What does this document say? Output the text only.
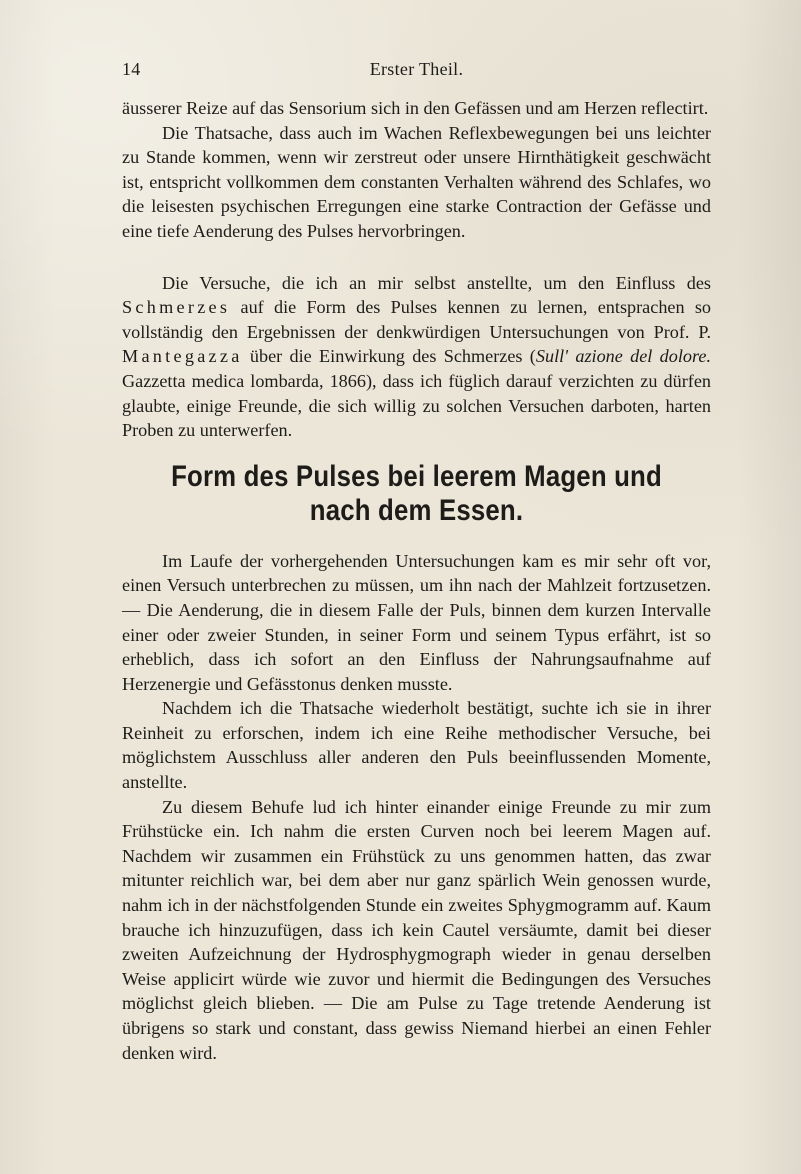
14	Erster Theil.

äusserer Reize auf das Sensorium sich in den Gefässen und am Herzen reflectirt.

Die Thatsache, dass auch im Wachen Reflexbewegungen bei uns leichter zu Stande kommen, wenn wir zerstreut oder unsere Hirnthätigkeit geschwächt ist, entspricht vollkommen dem constanten Verhalten während des Schlafes, wo die leisesten psychischen Erregungen eine starke Contraction der Gefässe und eine tiefe Aenderung des Pulses hervorbringen.

Die Versuche, die ich an mir selbst anstellte, um den Einfluss des Schmerzes auf die Form des Pulses kennen zu lernen, entsprachen so vollständig den Ergebnissen der denkwürdigen Untersuchungen von Prof. P. Mantegazza über die Einwirkung des Schmerzes (Sull' azione del dolore. Gazzetta medica lombarda, 1866), dass ich füglich darauf verzichten zu dürfen glaubte, einige Freunde, die sich willig zu solchen Versuchen darboten, harten Proben zu unterwerfen.

Form des Pulses bei leerem Magen und nach dem Essen.

Im Laufe der vorhergehenden Untersuchungen kam es mir sehr oft vor, einen Versuch unterbrechen zu müssen, um ihn nach der Mahlzeit fortzusetzen. — Die Aenderung, die in diesem Falle der Puls, binnen dem kurzen Intervalle einer oder zweier Stunden, in seiner Form und seinem Typus erfährt, ist so erheblich, dass ich sofort an den Einfluss der Nahrungsaufnahme auf Herzenergie und Gefässtonus denken musste.

Nachdem ich die Thatsache wiederholt bestätigt, suchte ich sie in ihrer Reinheit zu erforschen, indem ich eine Reihe methodischer Versuche, bei möglichstem Ausschluss aller anderen den Puls beeinflussenden Momente, anstellte.

Zu diesem Behufe lud ich hinter einander einige Freunde zu mir zum Frühstücke ein. Ich nahm die ersten Curven noch bei leerem Magen auf. Nachdem wir zusammen ein Frühstück zu uns genommen hatten, das zwar mitunter reichlich war, bei dem aber nur ganz spärlich Wein genossen wurde, nahm ich in der nächstfolgenden Stunde ein zweites Sphygmogramm auf. Kaum brauche ich hinzuzufügen, dass ich kein Cautel versäumte, damit bei dieser zweiten Aufzeichnung der Hydrosphygmograph wieder in genau derselben Weise applicirt würde wie zuvor und hiermit die Bedingungen des Versuches möglichst gleich blieben. — Die am Pulse zu Tage tretende Aenderung ist übrigens so stark und constant, dass gewiss Niemand hierbei an einen Fehler denken wird.
